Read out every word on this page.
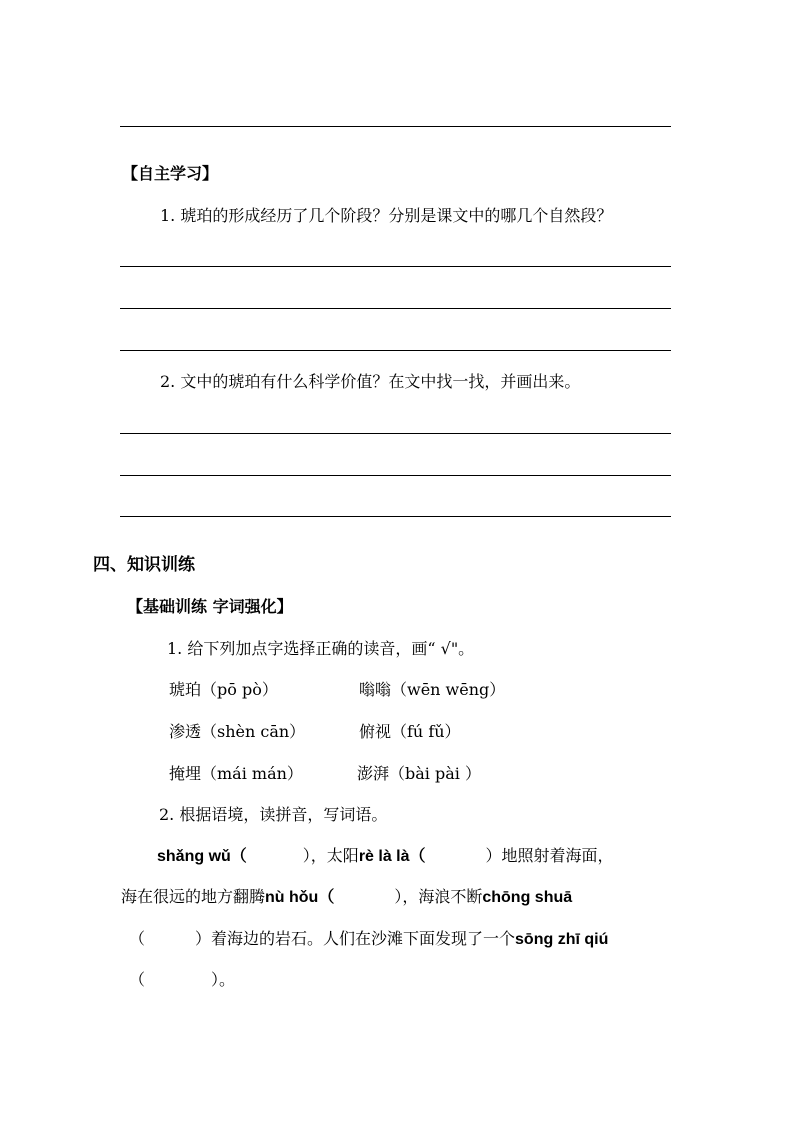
【自主学习】
1. 琥珀的形成经历了几个阶段？分别是课文中的哪几个自然段？
2. 文中的琥珀有什么科学价值？在文中找一找，并画出来。
四、知识训练
【基础训练 字词强化】
1. 给下列加点字选择正确的读音，画“ √"。
琥珀（pō pò）	嗡嗡（wēn wēng）
渗透（shèn cān）	俯视（fú fǔ）
掩埋（mái mán）	澎湃（bài pài ）
2. 根据语境，读拼音，写词语。
shǎng wǔ（	），太阳rè là là（	）地照射着海面，
海在很远的地方翻腾nù hǒu（	），海浪不断chōng shuā
（	）着海边的岩石。人们在沙滩下面发现了一个sōng zhī qiú
（	）。
